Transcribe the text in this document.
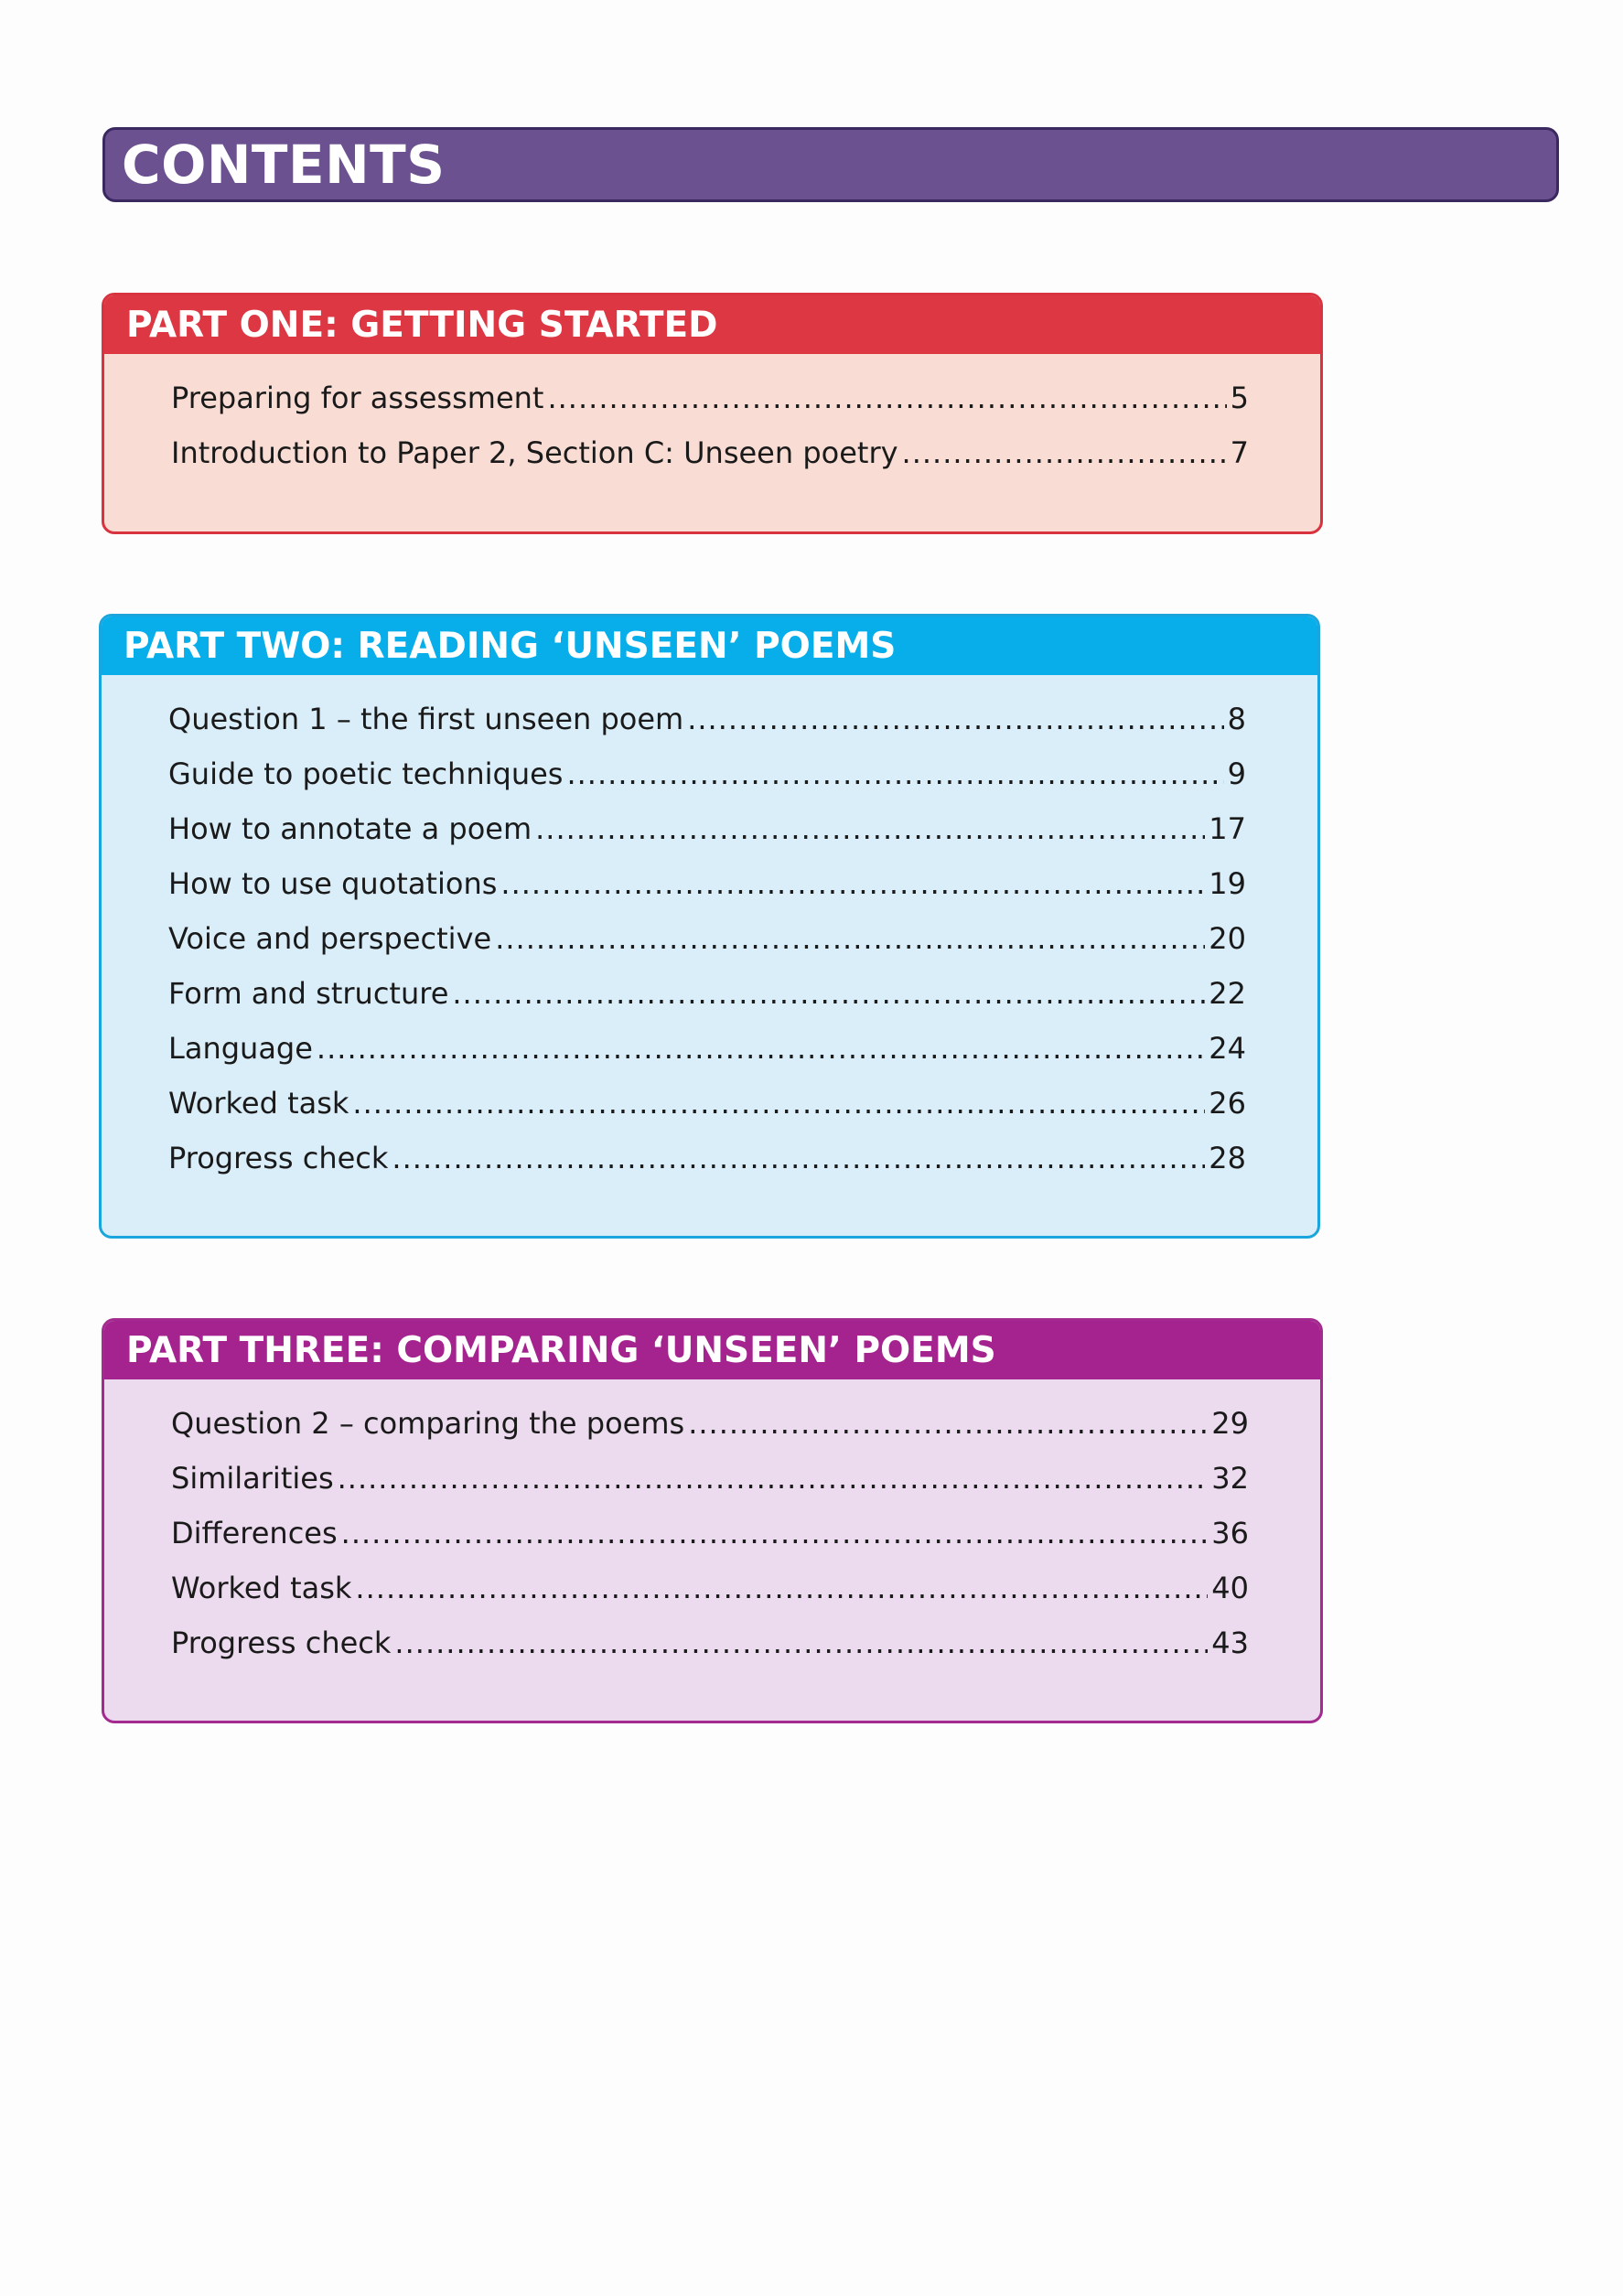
CONTENTS
PART ONE: GETTING STARTED
Preparing for assessment .....	5
Introduction to Paper 2, Section C: Unseen poetry .....	7
PART TWO: READING ‘UNSEEN’ POEMS
Question 1 – the first unseen poem .....	8
Guide to poetic techniques .....	9
How to annotate a poem .....	17
How to use quotations .....	19
Voice and perspective .....	20
Form and structure .....	22
Language .....	24
Worked task .....	26
Progress check .....	28
PART THREE: COMPARING ‘UNSEEN’ POEMS
Question 2 – comparing the poems .....	29
Similarities .....	32
Differences .....	36
Worked task .....	40
Progress check .....	43
